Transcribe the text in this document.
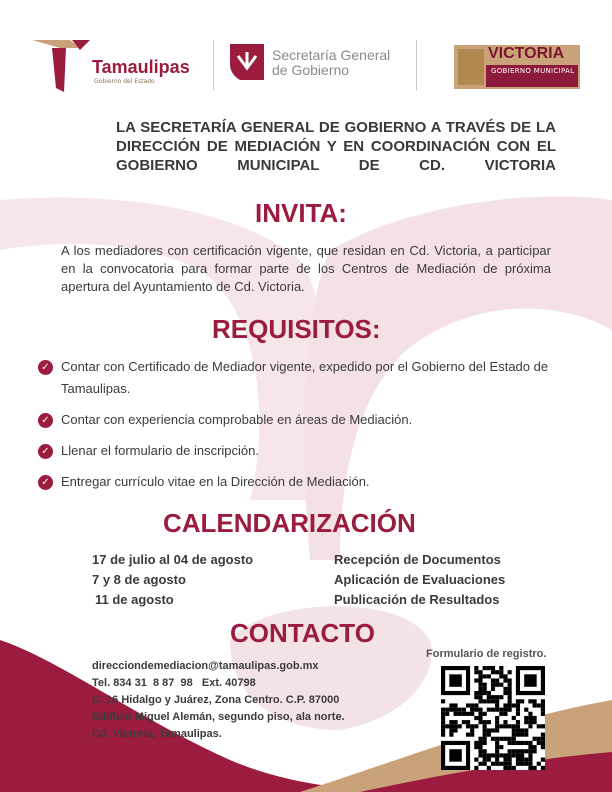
Tamaulipas
Gobierno del Estado
Secretaría General
de Gobierno
VICTORIA
GOBIERNO MUNICIPAL
LA SECRETARÍA GENERAL DE GOBIERNO A TRAVÉS DE LA DIRECCIÓN DE MEDIACIÓN Y EN COORDINACIÓN CON EL GOBIERNO MUNICIPAL DE CD. VICTORIA
INVITA:
A los mediadores con certificación vigente, que residan en Cd. Victoria, a participar en la convocatoria para formar parte de los Centros de Mediación de próxima apertura del Ayuntamiento de Cd. Victoria.
REQUISITOS:
✓ Contar con Certificado de Mediador vigente, expedido por el Gobierno del Estado de Tamaulipas.
✓ Contar con experiencia comprobable en áreas de Mediación.
✓ Llenar el formulario de inscripción.
✓ Entregar currículo vitae en la Dirección de Mediación.
CALENDARIZACIÓN
17 de julio al 04 de agosto	Recepción de Documentos
7 y 8 de agosto	Aplicación de Evaluaciones
11 de agosto	Publicación de Resultados
CONTACTO
direcciondemediacion@tamaulipas.gob.mx
Tel. 834 31  8 87  98   Ext. 40798
C. 16 Hidalgo y Juárez, Zona Centro. C.P. 87000
Edificio Miguel Alemán, segundo piso, ala norte.
Cd. Victoria, Tamaulipas.
Formulario de registro.
